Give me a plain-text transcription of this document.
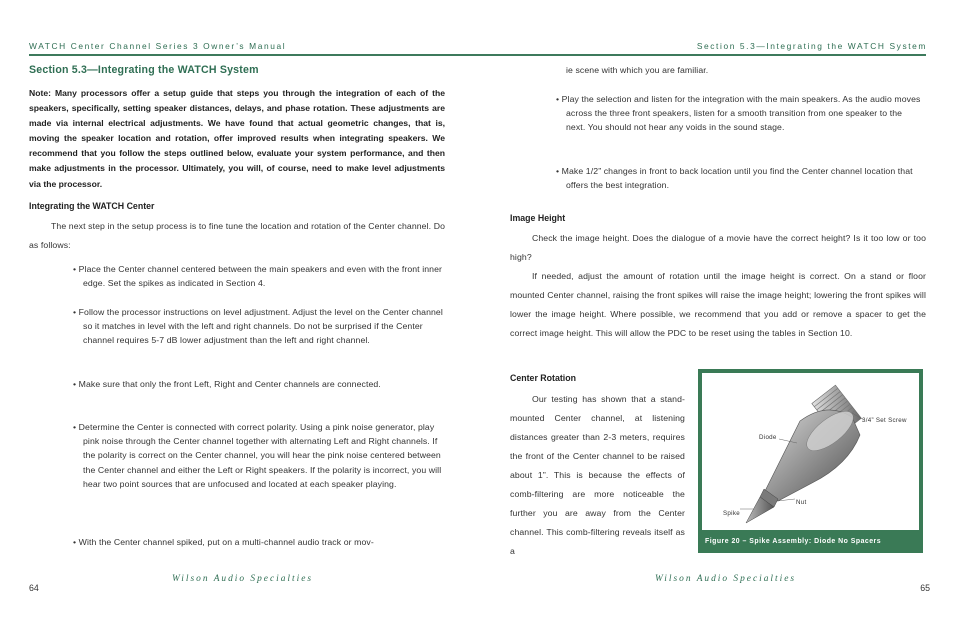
WATCH Center Channel Series 3 Owner’s Manual
Section 5.3—Integrating the WATCH System
Note: Many processors offer a setup guide that steps you through the integration of each of the speakers, specifically, setting speaker distances, delays, and phase rotation. These adjustments are made via internal electrical adjustments. We have found that actual geometric changes, that is, moving the speaker location and rotation, offer improved results when integrating speakers. We recommend that you follow the steps outlined below, evaluate your system performance, and then make adjustments in the processor. Ultimately, you will, of course, need to make level adjustments via the processor.
Integrating the WATCH Center
The next step in the setup process is to fine tune the location and rotation of the Center channel. Do as follows:
• Place the Center channel centered between the main speakers and even with the front inner edge. Set the spikes as indicated in Section 4.
• Follow the processor instructions on level adjustment. Adjust the level on the Center channel so it matches in level with the left and right channels. Do not be surprised if the Center channel requires 5-7 dB lower adjustment than the left and right channel.
• Make sure that only the front Left, Right and Center channels are connected.
• Determine the Center is connected with correct polarity. Using a pink noise generator, play pink noise through the Center channel together with alternating Left and Right channels. If the polarity is correct on the Center channel, you will hear the pink noise centered between the Center channel and either the Left or Right speakers. If the polarity is incorrect, you will hear two point sources that are unfocused and located at each speaker playing.
• With the Center channel spiked, put on a multi-channel audio track or mov-
Wilson Audio Specialties
64
Section 5.3—Integrating the WATCH System
ie scene with which you are familiar.
• Play the selection and listen for the integration with the main speakers. As the audio moves across the three front speakers, listen for a smooth transition from one speaker to the next. You should not hear any voids in the sound stage.
• Make 1/2” changes in front to back location until you find the Center channel location that offers the best integration.
Image Height
Check the image height. Does the dialogue of a movie have the correct height? Is it too low or too high?
If needed, adjust the amount of rotation until the image height is correct. On a stand or floor mounted Center channel, raising the front spikes will raise the image height; lowering the front spikes will lower the image height. Where possible, we recommend that you add or remove a spacer to get the correct image height. This will allow the PDC to be reset using the tables in Section 10.
Center Rotation
Our testing has shown that a stand-mounted Center channel, at listening distances greater than 2-3 meters, requires the front of the Center channel to be raised about 1”. This is because the effects of comb-filtering are more noticeable the further you are away from the Center channel. This comb-filtering reveals itself as a
3/4” Set Screw
Diode
Nut
Spike
Figure 20 – Spike Assembly: Diode No Spacers
Wilson Audio Specialties
65
